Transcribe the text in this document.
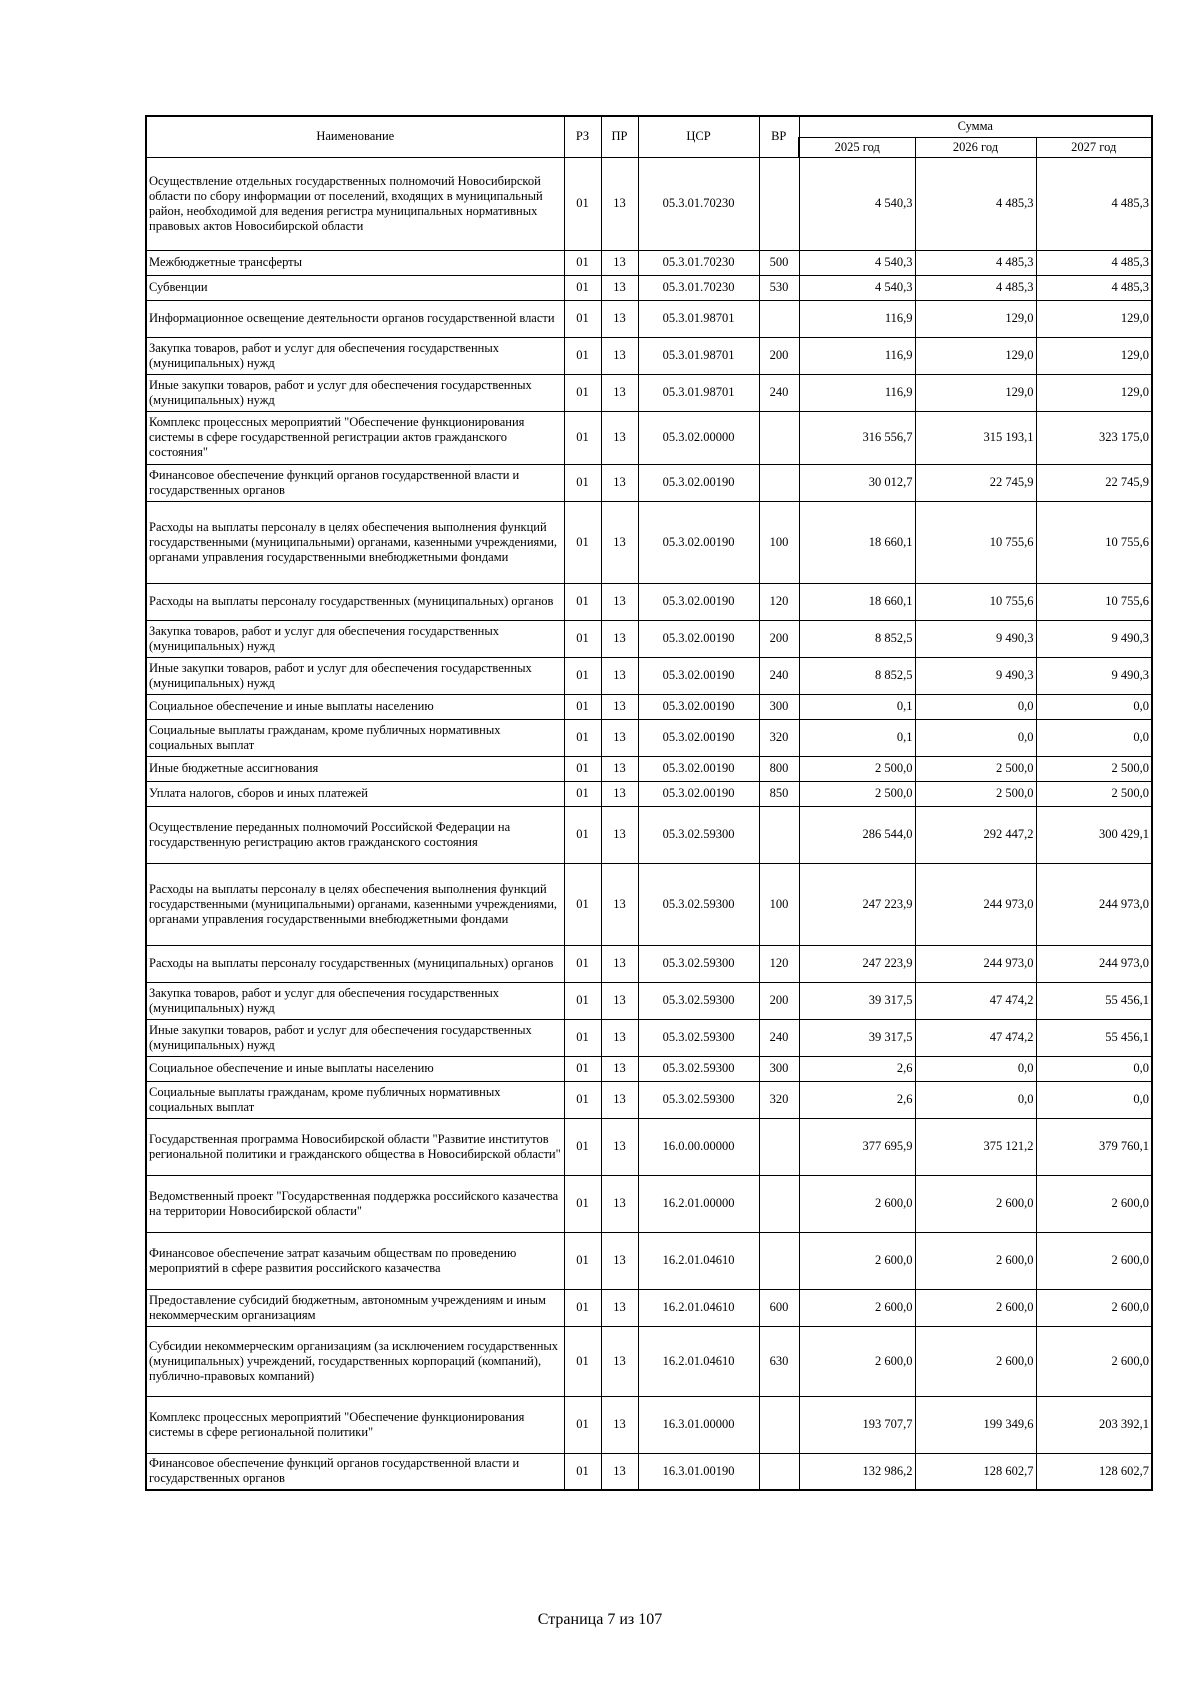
Наименование	РЗ	ПР	ЦСР	ВР	Сумма		
					2025 год	2026 год	2027 год
Осуществление отдельных государственных полномочий Новосибирской области по сбору информации от поселений, входящих в муниципальный район, необходимой для ведения регистра муниципальных нормативных правовых актов Новосибирской области	01	13	05.3.01.70230		4 540,3	4 485,3	4 485,3
Межбюджетные трансферты	01	13	05.3.01.70230	500	4 540,3	4 485,3	4 485,3
Субвенции	01	13	05.3.01.70230	530	4 540,3	4 485,3	4 485,3
Информационное освещение деятельности органов государственной власти	01	13	05.3.01.98701		116,9	129,0	129,0
Закупка товаров, работ и услуг для обеспечения государственных (муниципальных) нужд	01	13	05.3.01.98701	200	116,9	129,0	129,0
Иные закупки товаров, работ и услуг для обеспечения государственных (муниципальных) нужд	01	13	05.3.01.98701	240	116,9	129,0	129,0
Комплекс процессных мероприятий "Обеспечение функционирования системы в сфере государственной регистрации актов гражданского состояния"	01	13	05.3.02.00000		316 556,7	315 193,1	323 175,0
Финансовое обеспечение функций органов государственной власти и государственных органов	01	13	05.3.02.00190		30 012,7	22 745,9	22 745,9
Расходы на выплаты персоналу в целях обеспечения выполнения функций государственными (муниципальными) органами, казенными учреждениями, органами управления государственными внебюджетными фондами	01	13	05.3.02.00190	100	18 660,1	10 755,6	10 755,6
Расходы на выплаты персоналу государственных (муниципальных) органов	01	13	05.3.02.00190	120	18 660,1	10 755,6	10 755,6
Закупка товаров, работ и услуг для обеспечения государственных (муниципальных) нужд	01	13	05.3.02.00190	200	8 852,5	9 490,3	9 490,3
Иные закупки товаров, работ и услуг для обеспечения государственных (муниципальных) нужд	01	13	05.3.02.00190	240	8 852,5	9 490,3	9 490,3
Социальное обеспечение и иные выплаты населению	01	13	05.3.02.00190	300	0,1	0,0	0,0
Социальные выплаты гражданам, кроме публичных нормативных социальных выплат	01	13	05.3.02.00190	320	0,1	0,0	0,0
Иные бюджетные ассигнования	01	13	05.3.02.00190	800	2 500,0	2 500,0	2 500,0
Уплата налогов, сборов и иных платежей	01	13	05.3.02.00190	850	2 500,0	2 500,0	2 500,0
Осуществление переданных полномочий Российской Федерации на государственную регистрацию актов гражданского состояния	01	13	05.3.02.59300		286 544,0	292 447,2	300 429,1
Расходы на выплаты персоналу в целях обеспечения выполнения функций государственными (муниципальными) органами, казенными учреждениями, органами управления государственными внебюджетными фондами	01	13	05.3.02.59300	100	247 223,9	244 973,0	244 973,0
Расходы на выплаты персоналу государственных (муниципальных) органов	01	13	05.3.02.59300	120	247 223,9	244 973,0	244 973,0
Закупка товаров, работ и услуг для обеспечения государственных (муниципальных) нужд	01	13	05.3.02.59300	200	39 317,5	47 474,2	55 456,1
Иные закупки товаров, работ и услуг для обеспечения государственных (муниципальных) нужд	01	13	05.3.02.59300	240	39 317,5	47 474,2	55 456,1
Социальное обеспечение и иные выплаты населению	01	13	05.3.02.59300	300	2,6	0,0	0,0
Социальные выплаты гражданам, кроме публичных нормативных социальных выплат	01	13	05.3.02.59300	320	2,6	0,0	0,0
Государственная программа Новосибирской области "Развитие институтов региональной политики и гражданского общества в Новосибирской области"	01	13	16.0.00.00000		377 695,9	375 121,2	379 760,1
Ведомственный проект "Государственная поддержка российского казачества на территории Новосибирской области"	01	13	16.2.01.00000		2 600,0	2 600,0	2 600,0
Финансовое обеспечение затрат казачьим обществам по проведению мероприятий в сфере развития российского казачества	01	13	16.2.01.04610		2 600,0	2 600,0	2 600,0
Предоставление субсидий бюджетным, автономным учреждениям и иным некоммерческим организациям	01	13	16.2.01.04610	600	2 600,0	2 600,0	2 600,0
Субсидии некоммерческим организациям (за исключением государственных (муниципальных) учреждений, государственных корпораций (компаний), публично-правовых компаний)	01	13	16.2.01.04610	630	2 600,0	2 600,0	2 600,0
Комплекс процессных мероприятий "Обеспечение функционирования системы в сфере региональной политики"	01	13	16.3.01.00000		193 707,7	199 349,6	203 392,1
Финансовое обеспечение функций органов государственной власти и государственных органов	01	13	16.3.01.00190		132 986,2	128 602,7	128 602,7
Страница 7 из 107
